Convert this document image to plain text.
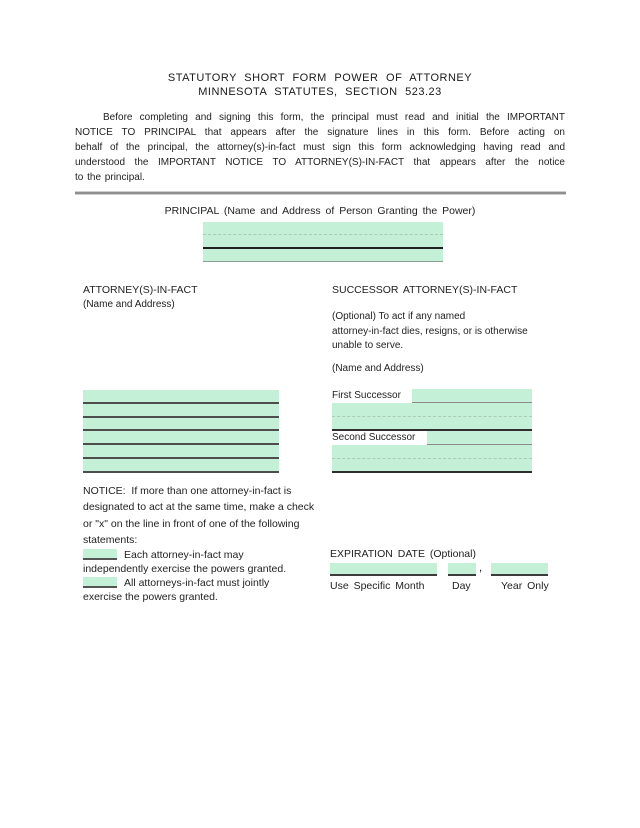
STATUTORY SHORT FORM POWER OF ATTORNEY
MINNESOTA STATUTES, SECTION 523.23
Before completing and signing this form, the principal must read and initial the IMPORTANT
NOTICE TO PRINCIPAL that appears after the signature lines in this form. Before acting on
behalf of the principal, the attorney(s)-in-fact must sign this form acknowledging having read and
understood the IMPORTANT NOTICE TO ATTORNEY(S)-IN-FACT that appears after the notice
to the principal.
PRINCIPAL (Name and Address of Person Granting the Power)
ATTORNEY(S)-IN-FACT
(Name and Address)
SUCCESSOR ATTORNEY(S)-IN-FACT
(Optional) To act if any named
attorney-in-fact dies, resigns, or is otherwise
unable to serve.
(Name and Address)
First Successor
Second Successor
NOTICE:  If more than one attorney-in-fact is
designated to act at the same time, make a check
or "x" on the line in front of one of the following
statements:
Each attorney-in-fact may
independently exercise the powers granted.
All attorneys-in-fact must jointly
exercise the powers granted.
EXPIRATION DATE (Optional)
,
Use Specific Month	Day	Year Only
